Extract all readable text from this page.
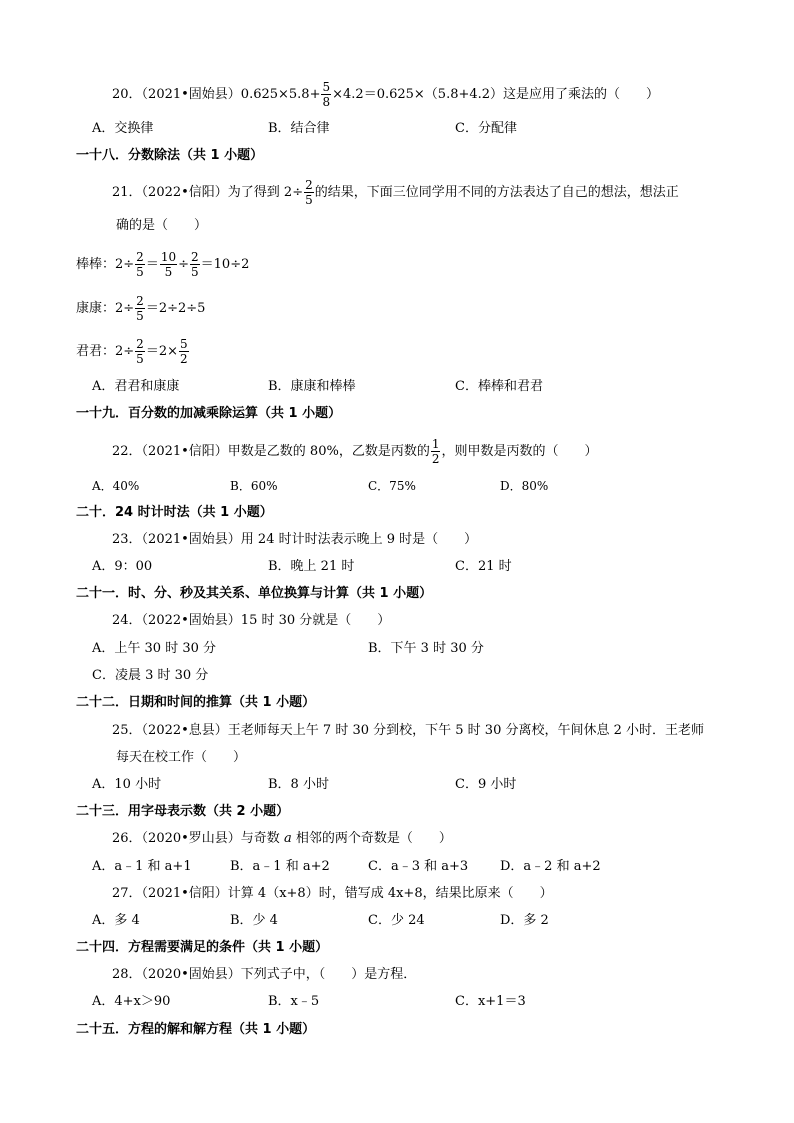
20．（2021•固始县）$0.625\times 5.8+ \frac{5}{8} \times 4.2=0.625\times(5.8+4.2)$这是应用了乘法的（　　）
A．交换律	B．结合律	C．分配律
一十八．分数除法（共 1 小题）
21．（2022•信阳）为了得到 $2\div \frac{2}{5}$ 的结果，下面三位同学用不同的方法表达了自己的想法，想法正
确的是（　　）
棒棒：$2\div \frac{2}{5} = \frac{10}{5} \div \frac{2}{5} =10\div 2$
康康：$2\div \frac{2}{5} =2\div 2\div 5$
君君：$2\div \frac{2}{5} =2\times \frac{5}{2}$
A．君君和康康	B．康康和棒棒	C．棒棒和君君
一十九．百分数的加减乘除运算（共 1 小题）
22．（2021•信阳）甲数是乙数的 80%，乙数是丙数的 $\frac{1}{2}$ ，则甲数是丙数的（　　）
A．40%	B．60%	C．75%	D．80%
二十．24 时计时法（共 1 小题）
23．（2021•固始县）用 24 时计时法表示晚上 9 时是（　　）
A．9：00	B．晚上 21 时	C．21 时
二十一．时、分、秒及其关系、单位换算与计算（共 1 小题）
24．（2022•固始县）15 时 30 分就是（　　）
A．上午 30 时 30 分	B．下午 3 时 30 分
C．凌晨 3 时 30 分
二十二．日期和时间的推算（共 1 小题）
25．（2022•息县）王老师每天上午 7 时 30 分到校，下午 5 时 30 分离校，午间休息 2 小时．王老师
每天在校工作（　　）
A．10 小时	B．8 小时	C．9 小时
二十三．用字母表示数（共 2 小题）
26．（2020•罗山县）与奇数 a 相邻的两个奇数是（　　）
A．a﹣1 和 a+1	B．a﹣1 和 a+2	C．a﹣3 和 a+3 D．a﹣2 和 a+2
27．（2021•信阳）计算 4（x+8）时，错写成 4x+8，结果比原来（　　）
A．多 4	B．少 4	C．少 24	D．多 2
二十四．方程需要满足的条件（共 1 小题）
28．（2020•固始县）下列式子中，（　　）是方程．
A．4+x＞90	B．x﹣5	C．x+1＝3
二十五．方程的解和解方程（共 1 小题）
